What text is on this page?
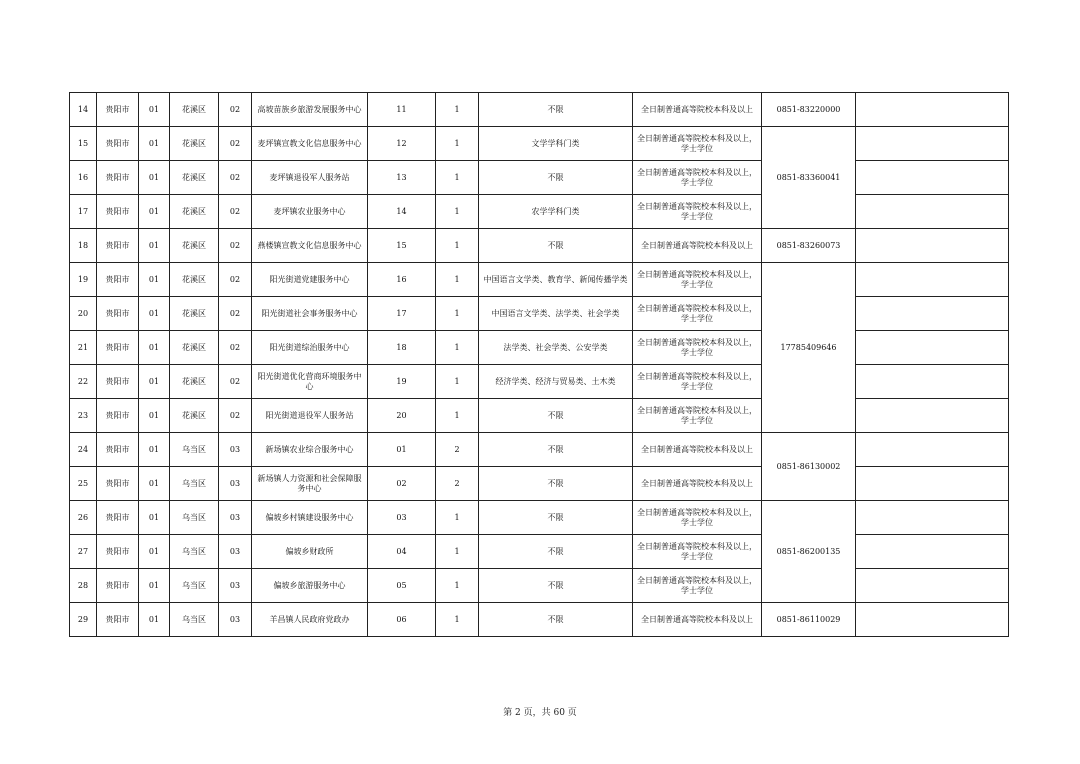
14	贵阳市	01	花溪区	02	高坡苗族乡旅游发展服务中心	11	1	不限	全日制普通高等院校本科及以上	0851-83220000	
15	贵阳市	01	花溪区	02	麦坪镇宣教文化信息服务中心	12	1	文学学科门类	全日制普通高等院校本科及以上，学士学位	0851-83360041	
16	贵阳市	01	花溪区	02	麦坪镇退役军人服务站	13	1	不限	全日制普通高等院校本科及以上，学士学位		
17	贵阳市	01	花溪区	02	麦坪镇农业服务中心	14	1	农学学科门类	全日制普通高等院校本科及以上，学士学位		
18	贵阳市	01	花溪区	02	燕楼镇宣教文化信息服务中心	15	1	不限	全日制普通高等院校本科及以上	0851-83260073	
19	贵阳市	01	花溪区	02	阳光街道党建服务中心	16	1	中国语言文学类、教育学、新闻传播学类	全日制普通高等院校本科及以上，学士学位	17785409646	
20	贵阳市	01	花溪区	02	阳光街道社会事务服务中心	17	1	中国语言文学类、法学类、社会学类	全日制普通高等院校本科及以上，学士学位		
21	贵阳市	01	花溪区	02	阳光街道综治服务中心	18	1	法学类、社会学类、公安学类	全日制普通高等院校本科及以上，学士学位		
22	贵阳市	01	花溪区	02	阳光街道优化营商环境服务中心	19	1	经济学类、经济与贸易类、土木类	全日制普通高等院校本科及以上，学士学位		
23	贵阳市	01	花溪区	02	阳光街道退役军人服务站	20	1	不限	全日制普通高等院校本科及以上，学士学位		
24	贵阳市	01	乌当区	03	新场镇农业综合服务中心	01	2	不限	全日制普通高等院校本科及以上	0851-86130002	
25	贵阳市	01	乌当区	03	新场镇人力资源和社会保障服务中心	02	2	不限	全日制普通高等院校本科及以上		
26	贵阳市	01	乌当区	03	偏坡乡村镇建设服务中心	03	1	不限	全日制普通高等院校本科及以上，学士学位	0851-86200135	
27	贵阳市	01	乌当区	03	偏坡乡财政所	04	1	不限	全日制普通高等院校本科及以上，学士学位		
28	贵阳市	01	乌当区	03	偏坡乡旅游服务中心	05	1	不限	全日制普通高等院校本科及以上，学士学位		
29	贵阳市	01	乌当区	03	羊昌镇人民政府党政办	06	1	不限	全日制普通高等院校本科及以上	0851-86110029	
第 2 页，共 60 页
